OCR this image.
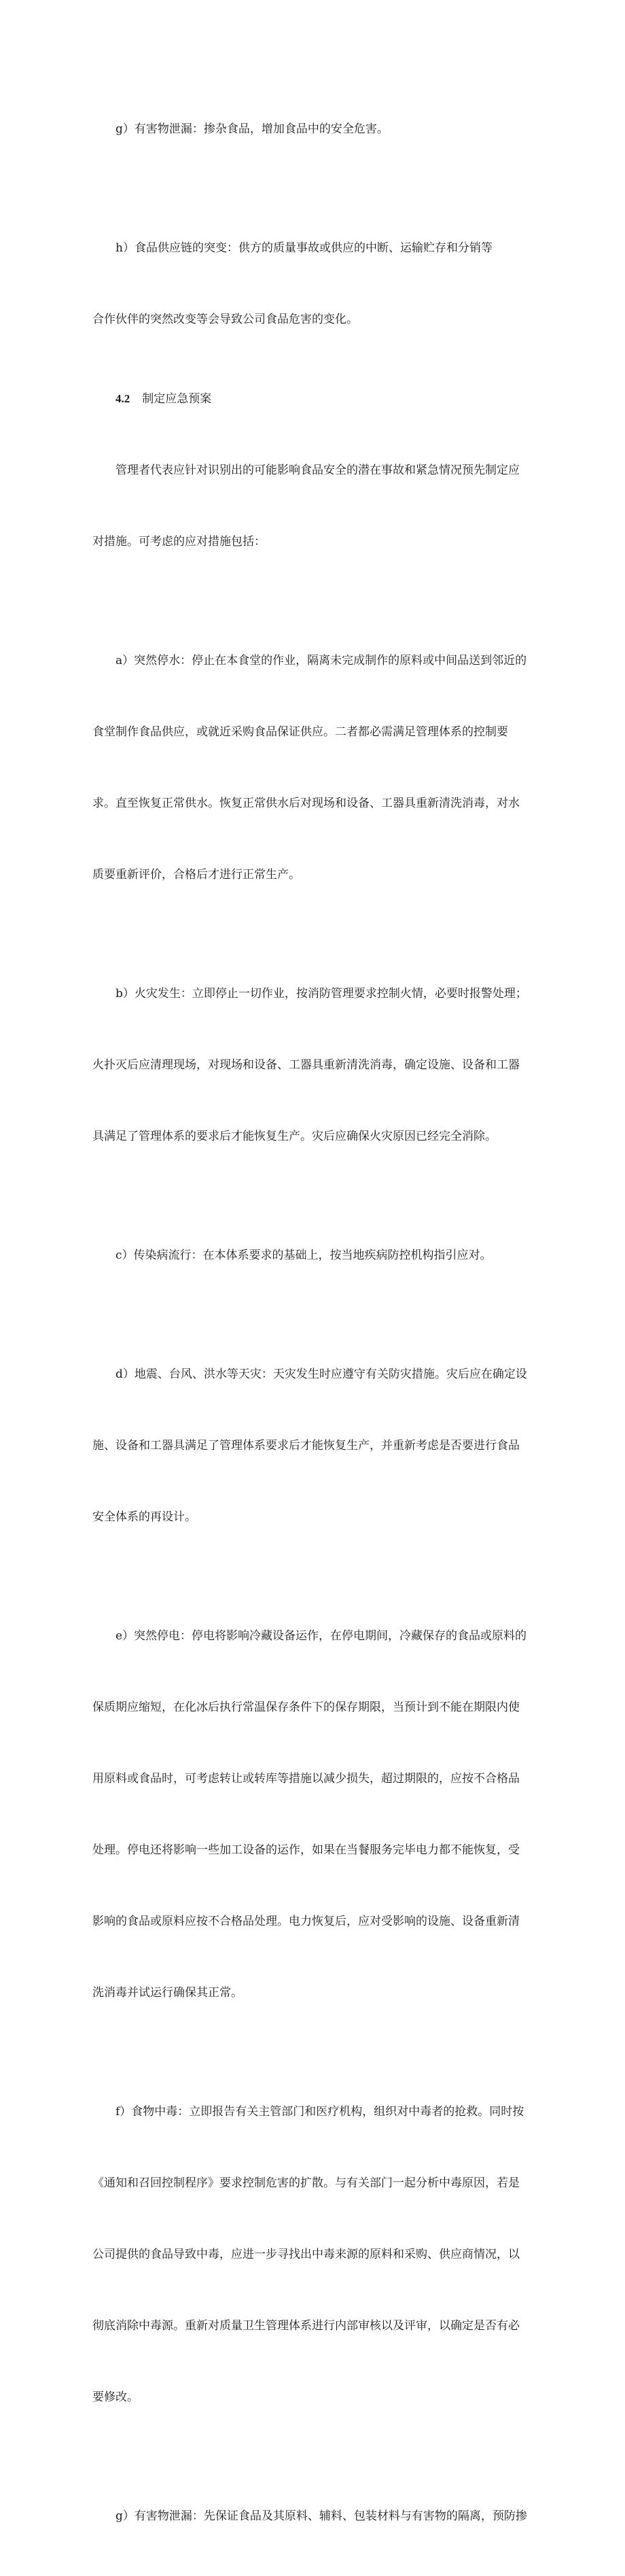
g）有害物泄漏：掺杂食品，增加食品中的安全危害。

h）食品供应链的突变：供方的质量事故或供应的中断、运输贮存和分销等

合作伙伴的突然改变等会导致公司食品危害的变化。

4.2 制定应急预案

管理者代表应针对识别出的可能影响食品安全的潜在事故和紧急情况预先制定应

对措施。可考虑的应对措施包括：

a）突然停水：停止在本食堂的作业，隔离未完成制作的原料或中间品送到邻近的

食堂制作食品供应，或就近采购食品保证供应。二者都必需满足管理体系的控制要

求。直至恢复正常供水。恢复正常供水后对现场和设备、工器具重新清洗消毒，对水

质要重新评价，合格后才进行正常生产。

b）火灾发生：立即停止一切作业，按消防管理要求控制火情，必要时报警处理；

火扑灭后应清理现场，对现场和设备、工器具重新清洗消毒，确定设施、设备和工器

具满足了管理体系的要求后才能恢复生产。灾后应确保火灾原因已经完全消除。

c）传染病流行：在本体系要求的基础上，按当地疾病防控机构指引应对。

d）地震、台风、洪水等天灾：天灾发生时应遵守有关防灾措施。灾后应在确定设

施、设备和工器具满足了管理体系要求后才能恢复生产，并重新考虑是否要进行食品

安全体系的再设计。

e）突然停电：停电将影响冷藏设备运作，在停电期间，冷藏保存的食品或原料的

保质期应缩短，在化冰后执行常温保存条件下的保存期限，当预计到不能在期限内使

用原料或食品时，可考虑转让或转库等措施以减少损失，超过期限的，应按不合格品

处理。停电还将影响一些加工设备的运作，如果在当餐服务完毕电力都不能恢复，受

影响的食品或原料应按不合格品处理。电力恢复后，应对受影响的设施、设备重新清

洗消毒并试运行确保其正常。

f）食物中毒：立即报告有关主管部门和医疗机构，组织对中毒者的抢救。同时按

《通知和召回控制程序》要求控制危害的扩散。与有关部门一起分析中毒原因，若是

公司提供的食品导致中毒，应进一步寻找出中毒来源的原料和采购、供应商情况，以

彻底消除中毒源。重新对质量卫生管理体系进行内部审核以及评审，以确定是否有必

要修改。

g）有害物泄漏：先保证食品及其原料、辅料、包装材料与有害物的隔离，预防掺
